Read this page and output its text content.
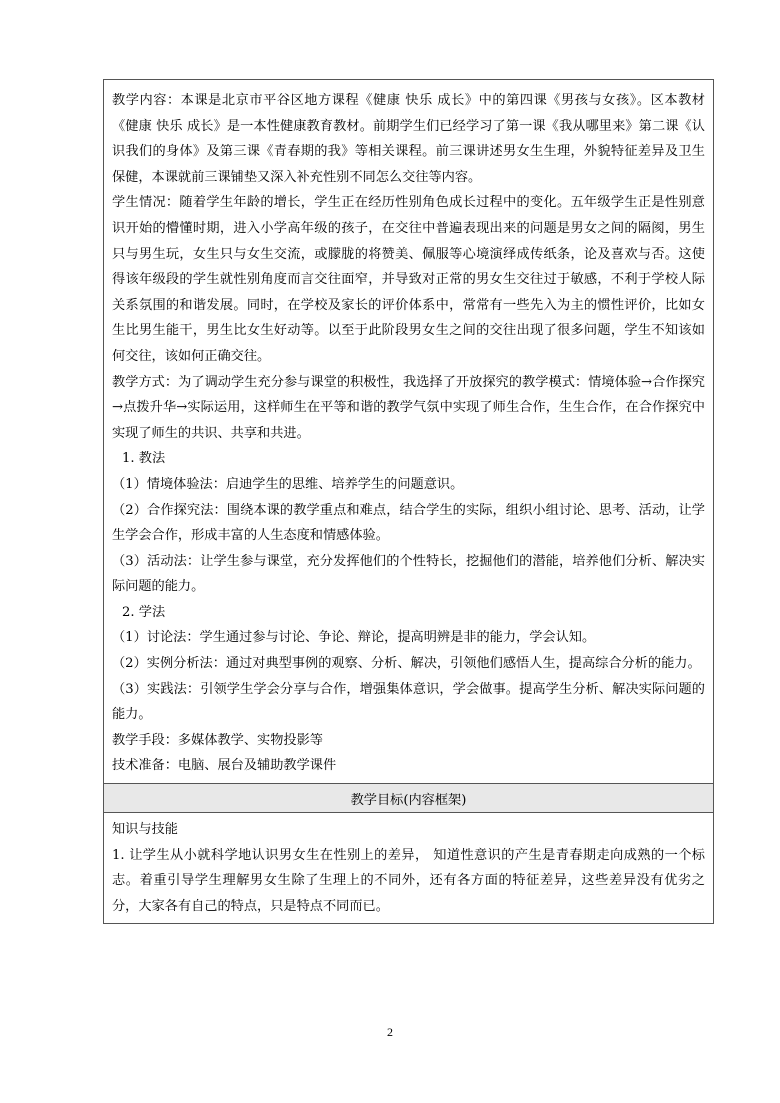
教学内容：本课是北京市平谷区地方课程《健康 快乐 成长》中的第四课《男孩与女孩》。区本教材《健康 快乐 成长》是一本性健康教育教材。前期学生们已经学习了第一课《我从哪里来》第二课《认识我们的身体》及第三课《青春期的我》等相关课程。前三课讲述男女生生理，外貌特征差异及卫生保健，本课就前三课铺垫又深入补充性别不同怎么交往等内容。

学生情况：随着学生年龄的增长，学生正在经历性别角色成长过程中的变化。五年级学生正是性别意识开始的懵懂时期，进入小学高年级的孩子，在交往中普遍表现出来的问题是男女之间的隔阂，男生只与男生玩，女生只与女生交流，或朦胧的将赞美、佩服等心境演绎成传纸条，论及喜欢与否。这使得该年级段的学生就性别角度而言交往面窄，并导致对正常的男女生交往过于敏感，不利于学校人际关系氛围的和谐发展。同时，在学校及家长的评价体系中，常常有一些先入为主的惯性评价，比如女生比男生能干，男生比女生好动等。以至于此阶段男女生之间的交往出现了很多问题，学生不知该如何交往，该如何正确交往。

教学方式：为了调动学生充分参与课堂的积极性，我选择了开放探究的教学模式：情境体验→合作探究→点拨升华→实际运用，这样师生在平等和谐的教学气氛中实现了师生合作，生生合作，在合作探究中实现了师生的共识、共享和共进。

1. 教法

（1）情境体验法：启迪学生的思维、培养学生的问题意识。

（2）合作探究法：围绕本课的教学重点和难点，结合学生的实际，组织小组讨论、思考、活动，让学生学会合作，形成丰富的人生态度和情感体验。

（3）活动法：让学生参与课堂，充分发挥他们的个性特长，挖掘他们的潜能，培养他们分析、解决实际问题的能力。

2. 学法

（1）讨论法：学生通过参与讨论、争论、辩论，提高明辨是非的能力，学会认知。

（2）实例分析法：通过对典型事例的观察、分析、解决，引领他们感悟人生，提高综合分析的能力。

（3）实践法：引领学生学会分享与合作，增强集体意识，学会做事。提高学生分析、解决实际问题的能力。

教学手段：多媒体教学、实物投影等

技术准备：电脑、展台及辅助教学课件

教学目标(内容框架)

知识与技能

1. 让学生从小就科学地认识男女生在性别上的差异， 知道性意识的产生是青春期走向成熟的一个标志。着重引导学生理解男女生除了生理上的不同外，还有各方面的特征差异，这些差异没有优劣之分，大家各有自己的特点，只是特点不同而已。

2
